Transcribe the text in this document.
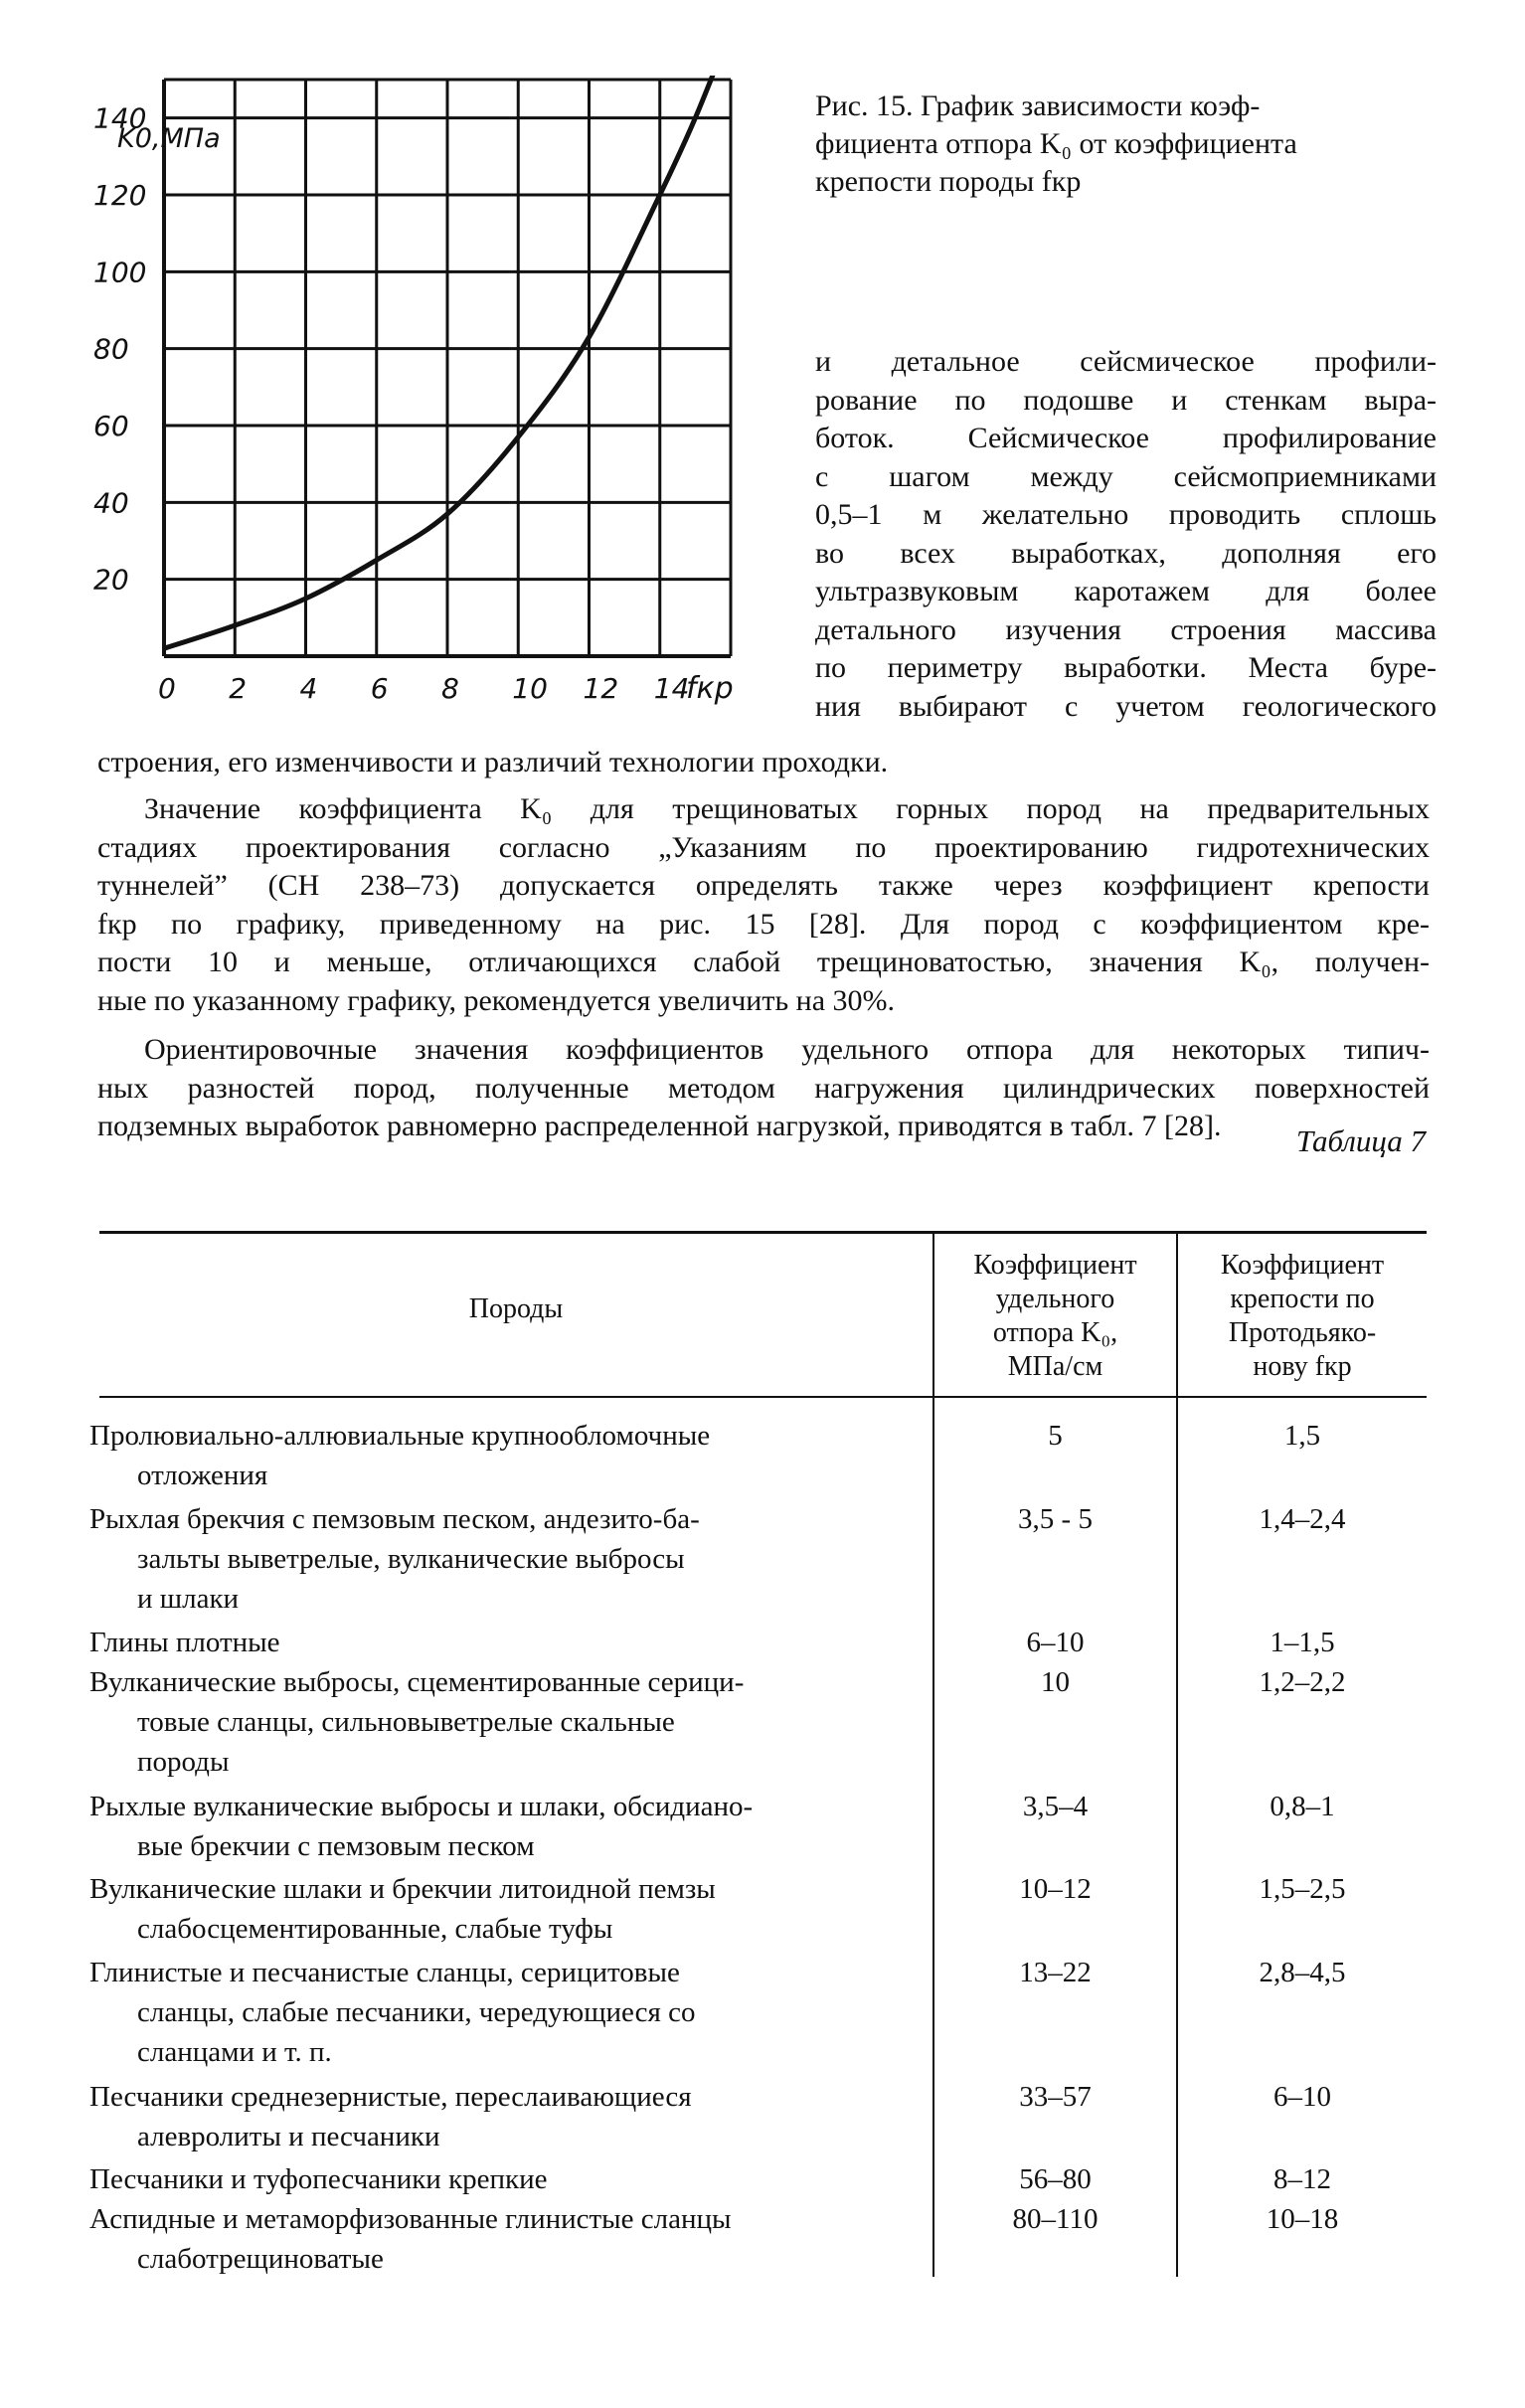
0 2 4 6 8 10 12 14
20
40
60
80
100
120
140
K0,МПа
fкр
Рис. 15. График зависимости коэф-
фициента отпора K₀ от коэффициента
крепости породы fкр
и детальное сейсмическое профили-
рование по подошве и стенкам выра-
боток. Сейсмическое профилирование
с шагом между сейсмоприемниками
0,5–1 м желательно проводить сплошь
во всех выработках, дополняя его
ультразвуковым каротажем для более
детального изучения строения массива
по периметру выработки. Места буре-
ния выбирают с учетом геологического
строения, его изменчивости и различий технологии проходки.
Значение коэффициента K₀ для трещиноватых горных пород на предварительных
стадиях проектирования согласно „Указаниям по проектированию гидротехнических
туннелей” (СН 238–73) допускается определять также через коэффициент крепости
fкр по графику, приведенному на рис. 15 [28]. Для пород с коэффициентом кре-
пости 10 и меньше, отличающихся слабой трещиноватостью, значения K₀, получен-
ные по указанному графику, рекомендуется увеличить на 30%.
Ориентировочные значения коэффициентов удельного отпора для некоторых типич-
ных разностей пород, полученные методом нагружения цилиндрических поверхностей
подземных выработок равномерно распределенной нагрузкой, приводятся в табл. 7 [28].	Таблица 7
Породы
Коэффициент
удельного
отпора K₀,
МПа/см
Коэффициент
крепости по
Протодьяко-
нову fкр
Пролювиально-аллювиальные крупнообломочные
отложения
5	1,5
Рыхлая брекчия с пемзовым песком, андезито-ба-
зальты выветрелые, вулканические выбросы
и шлаки
3,5 - 5	1,4–2,4
Глины плотные	6–10	1–1,5
Вулканические выбросы, сцементированные серици-
товые сланцы, сильновыветрелые скальные
породы
10	1,2–2,2
Рыхлые вулканические выбросы и шлаки, обсидиано-
вые брекчии с пемзовым песком
3,5–4	0,8–1
Вулканические шлаки и брекчии литоидной пемзы
слабосцементированные, слабые туфы
10–12	1,5–2,5
Глинистые и песчанистые сланцы, серицитовые
сланцы, слабые песчаники, чередующиеся со
сланцами и т. п.
13–22	2,8–4,5
Песчаники среднезернистые, переслаивающиеся
алевролиты и песчаники
33–57	6–10
Песчаники и туфопесчаники крепкие	56–80	8–12
Аспидные и метаморфизованные глинистые сланцы
слаботрещиноватые
80–110	10–18
